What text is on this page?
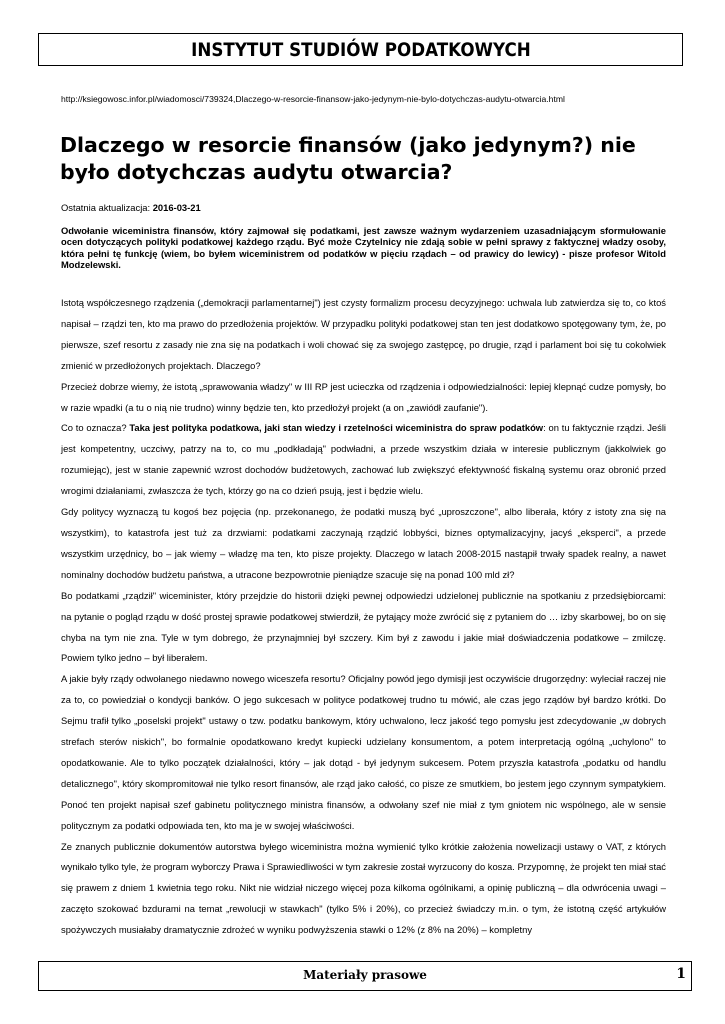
INSTYTUT STUDIÓW PODATKOWYCH
http://ksiegowosc.infor.pl/wiadomosci/739324,Dlaczego-w-resorcie-finansow-jako-jedynym-nie-bylo-dotychczas-audytu-otwarcia.html
Dlaczego w resorcie finansów (jako jedynym?) nie było dotychczas audytu otwarcia?
Ostatnia aktualizacja: 2016-03-21

Odwołanie wiceministra finansów, który zajmował się podatkami, jest zawsze ważnym wydarzeniem uzasadniającym sformułowanie ocen dotyczących polityki podatkowej każdego rządu. Być może Czytelnicy nie zdają sobie w pełni sprawy z faktycznej władzy osoby, która pełni tę funkcję (wiem, bo byłem wiceministrem od podatków w pięciu rządach – od prawicy do lewicy) - pisze profesor Witold Modzelewski.

Istotą współczesnego rządzenia („demokracji parlamentarnej") jest czysty formalizm procesu decyzyjnego: uchwala lub zatwierdza się to, co ktoś napisał – rządzi ten, kto ma prawo do przedłożenia projektów. W przypadku polityki podatkowej stan ten jest dodatkowo spotęgowany tym, że, po pierwsze, szef resortu z zasady nie zna się na podatkach i woli chować się za swojego zastępcę, po drugie, rząd i parlament boi się tu cokolwiek zmienić w przedłożonych projektach. Dlaczego?

Przecież dobrze wiemy, że istotą „sprawowania władzy" w III RP jest ucieczka od rządzenia i odpowiedzialności: lepiej klepnąć cudze pomysły, bo w razie wpadki (a tu o nią nie trudno) winny będzie ten, kto przedłożył projekt (a on „zawiódł zaufanie").

Co to oznacza? Taka jest polityka podatkowa, jaki stan wiedzy i rzetelności wiceministra do spraw podatków: on tu faktycznie rządzi. Jeśli jest kompetentny, uczciwy, patrzy na to, co mu „podkładają" podwładni, a przede wszystkim działa w interesie publicznym (jakkolwiek go rozumiejąc), jest w stanie zapewnić wzrost dochodów budżetowych, zachować lub zwiększyć efektywność fiskalną systemu oraz obronić przed wrogimi działaniami, zwłaszcza że tych, którzy go na co dzień psują, jest i będzie wielu.

Gdy politycy wyznaczą tu kogoś bez pojęcia (np. przekonanego, że podatki muszą być „uproszczone", albo liberała, który z istoty zna się na wszystkim), to katastrofa jest tuż za drzwiami: podatkami zaczynają rządzić lobbyści, biznes optymalizacyjny, jacyś „eksperci", a przede wszystkim urzędnicy, bo – jak wiemy – władzę ma ten, kto pisze projekty. Dlaczego w latach 2008-2015 nastąpił trwały spadek realny, a nawet nominalny dochodów budżetu państwa, a utracone bezpowrotnie pieniądze szacuje się na ponad 100 mld zł?

Bo podatkami „rządził" wiceminister, który przejdzie do historii dzięki pewnej odpowiedzi udzielonej publicznie na spotkaniu z przedsiębiorcami: na pytanie o pogląd rządu w dość prostej sprawie podatkowej stwierdził, że pytający może zwrócić się z pytaniem do … izby skarbowej, bo on się chyba na tym nie zna. Tyle w tym dobrego, że przynajmniej był szczery. Kim był z zawodu i jakie miał doświadczenia podatkowe – zmilczę. Powiem tylko jedno – był liberałem.

A jakie były rządy odwołanego niedawno nowego wiceszefa resortu? Oficjalny powód jego dymisji jest oczywiście drugorzędny: wyleciał raczej nie za to, co powiedział o kondycji banków. O jego sukcesach w polityce podatkowej trudno tu mówić, ale czas jego rządów był bardzo krótki. Do Sejmu trafił tylko „poselski projekt" ustawy o tzw. podatku bankowym, który uchwalono, lecz jakość tego pomysłu jest zdecydowanie „w dobrych strefach sterów niskich", bo formalnie opodatkowano kredyt kupiecki udzielany konsumentom, a potem interpretacją ogólną „uchylono" to opodatkowanie. Ale to tylko początek działalności, który – jak dotąd - był jedynym sukcesem. Potem przyszła katastrofa „podatku od handlu detalicznego", który skompromitował nie tylko resort finansów, ale rząd jako całość, co pisze ze smutkiem, bo jestem jego czynnym sympatykiem. Ponoć ten projekt napisał szef gabinetu politycznego ministra finansów, a odwołany szef nie miał z tym gniotem nic wspólnego, ale w sensie politycznym za podatki odpowiada ten, kto ma je w swojej właściwości.

Ze znanych publicznie dokumentów autorstwa byłego wiceministra można wymienić tylko krótkie założenia nowelizacji ustawy o VAT, z których wynikało tylko tyle, że program wyborczy Prawa i Sprawiedliwości w tym zakresie został wyrzucony do kosza. Przypomnę, że projekt ten miał stać się prawem z dniem 1 kwietnia tego roku. Nikt nie widział niczego więcej poza kilkoma ogólnikami, a opinię publiczną – dla odwrócenia uwagi – zaczęto szokować bzdurami na temat „rewolucji w stawkach" (tylko 5% i 20%), co przecież świadczy m.in. o tym, że istotną część artykułów spożywczych musiałaby dramatycznie zdrożeć w wyniku podwyższenia stawki o 12% (z 8% na 20%) – kompletny

Materiały prasowe	1
